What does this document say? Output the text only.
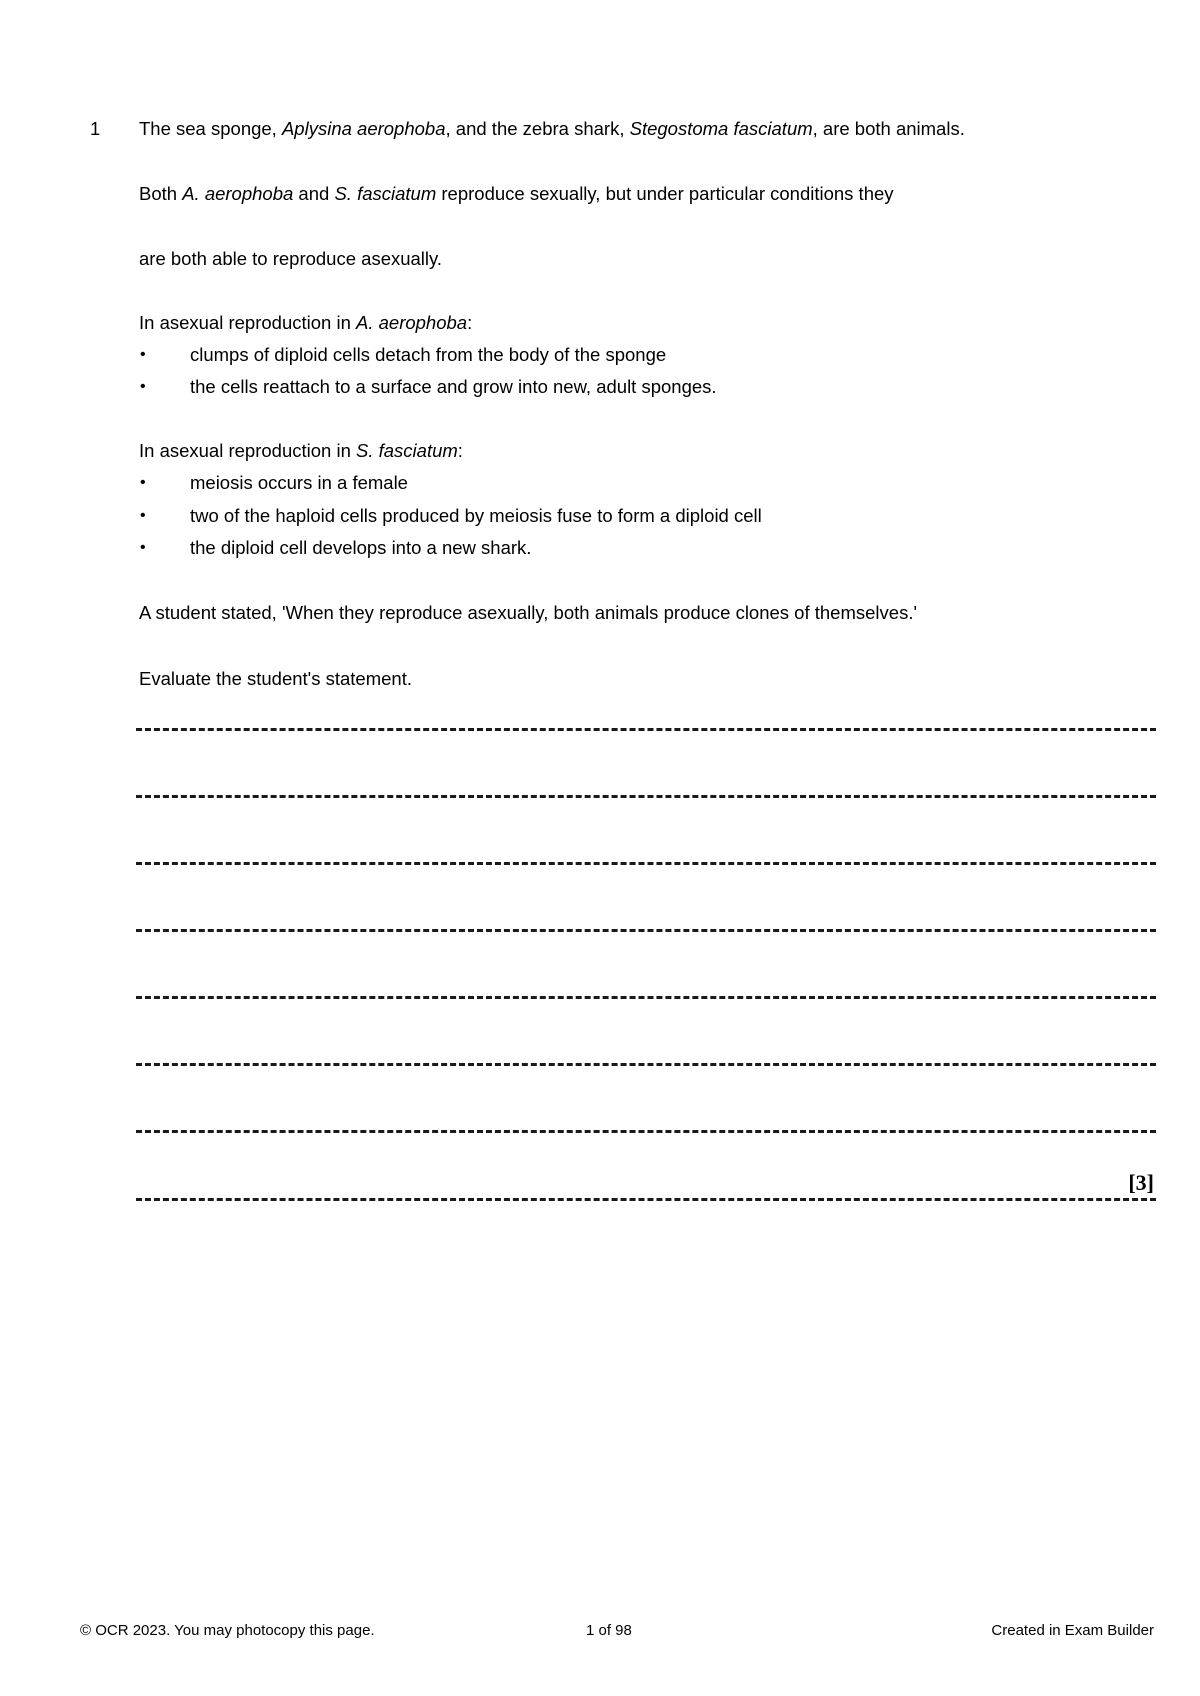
1 The sea sponge, Aplysina aerophoba, and the zebra shark, Stegostoma fasciatum, are both animals.
Both A. aerophoba and S. fasciatum reproduce sexually, but under particular conditions they
are both able to reproduce asexually.
In asexual reproduction in A. aerophoba:
• clumps of diploid cells detach from the body of the sponge
• the cells reattach to a surface and grow into new, adult sponges.
In asexual reproduction in S. fasciatum:
• meiosis occurs in a female
• two of the haploid cells produced by meiosis fuse to form a diploid cell
• the diploid cell develops into a new shark.
A student stated, 'When they reproduce asexually, both animals produce clones of themselves.'
Evaluate the student's statement.
[3]
© OCR 2023. You may photocopy this page.	1 of 98	Created in Exam Builder
